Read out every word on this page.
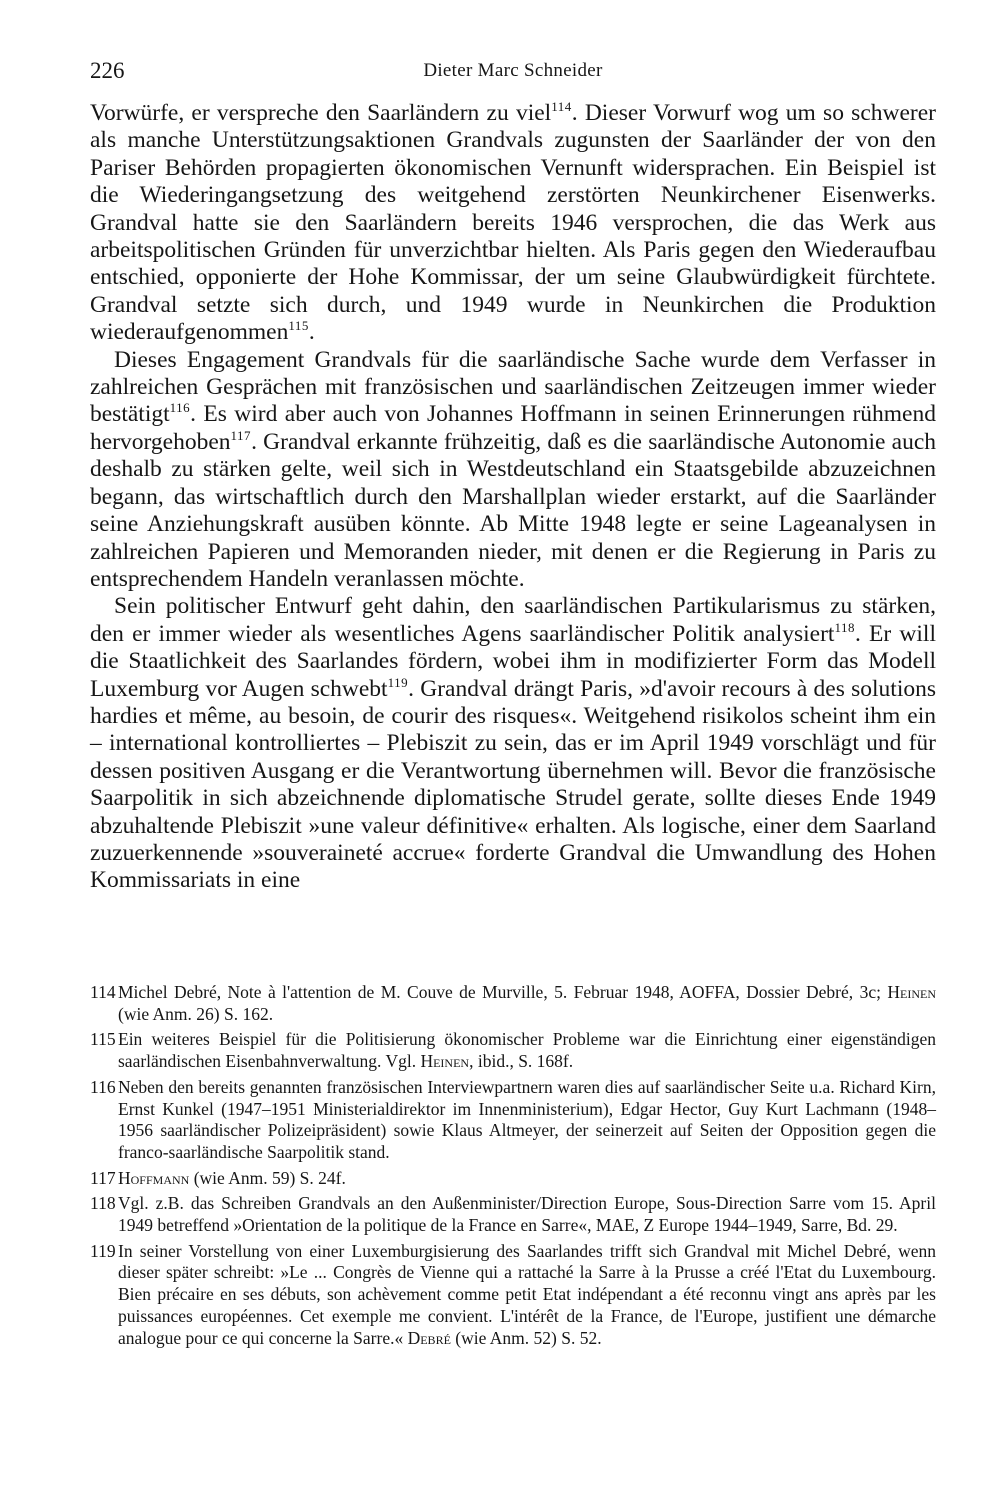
226	Dieter Marc Schneider

Vorwürfe, er verspreche den Saarländern zu viel$^{114}$. Dieser Vorwurf wog um so schwerer als manche Unterstützungsaktionen Grandvals zugunsten der Saarländer der von den Pariser Behörden propagierten ökonomischen Vernunft widersprachen. Ein Beispiel ist die Wiederingangsetzung des weitgehend zerstörten Neunkirchener Eisenwerks. Grandval hatte sie den Saarländern bereits 1946 versprochen, die das Werk aus arbeitspolitischen Gründen für unverzichtbar hielten. Als Paris gegen den Wiederaufbau entschied, opponierte der Hohe Kommissar, der um seine Glaubwürdigkeit fürchtete. Grandval setzte sich durch, und 1949 wurde in Neunkirchen die Produktion wiederaufgenommen$^{115}$.

Dieses Engagement Grandvals für die saarländische Sache wurde dem Verfasser in zahlreichen Gesprächen mit französischen und saarländischen Zeitzeugen immer wieder bestätigt$^{116}$. Es wird aber auch von Johannes Hoffmann in seinen Erinnerungen rühmend hervorgehoben$^{117}$. Grandval erkannte frühzeitig, daß es die saarländische Autonomie auch deshalb zu stärken gelte, weil sich in Westdeutschland ein Staatsgebilde abzuzeichnen begann, das wirtschaftlich durch den Marshallplan wieder erstarkt, auf die Saarländer seine Anziehungskraft ausüben könnte. Ab Mitte 1948 legte er seine Lageanalysen in zahlreichen Papieren und Memoranden nieder, mit denen er die Regierung in Paris zu entsprechendem Handeln veranlassen möchte.

Sein politischer Entwurf geht dahin, den saarländischen Partikularismus zu stärken, den er immer wieder als wesentliches Agens saarländischer Politik analysiert$^{118}$. Er will die Staatlichkeit des Saarlandes fördern, wobei ihm in modifizierter Form das Modell Luxemburg vor Augen schwebt$^{119}$. Grandval drängt Paris, »d'avoir recours à des solutions hardies et même, au besoin, de courir des risques«. Weitgehend risikolos scheint ihm ein – international kontrolliertes – Plebiszit zu sein, das er im April 1949 vorschlägt und für dessen positiven Ausgang er die Verantwortung übernehmen will. Bevor die französische Saarpolitik in sich abzeichnende diplomatische Strudel gerate, sollte dieses Ende 1949 abzuhaltende Plebiszit »une valeur définitive« erhalten. Als logische, einer dem Saarland zuzuerkennende »souveraineté accrue« forderte Grandval die Umwandlung des Hohen Kommissariats in eine

114 Michel Debré, Note à l'attention de M. Couve de Murville, 5. Februar 1948, AOFFA, Dossier Debré, 3c; Heinen (wie Anm. 26) S. 162.
115 Ein weiteres Beispiel für die Politisierung ökonomischer Probleme war die Einrichtung einer eigenständigen saarländischen Eisenbahnverwaltung. Vgl. Heinen, ibid., S. 168f.
116 Neben den bereits genannten französischen Interviewpartnern waren dies auf saarländischer Seite u.a. Richard Kirn, Ernst Kunkel (1947–1951 Ministerialdirektor im Innenministerium), Edgar Hector, Guy Kurt Lachmann (1948–1956 saarländischer Polizeipräsident) sowie Klaus Altmeyer, der seinerzeit auf Seiten der Opposition gegen die franco-saarländische Saarpolitik stand.
117 Hoffmann (wie Anm. 59) S. 24f.
118 Vgl. z.B. das Schreiben Grandvals an den Außenminister/Direction Europe, Sous-Direction Sarre vom 15. April 1949 betreffend »Orientation de la politique de la France en Sarre«, MAE, Z Europe 1944–1949, Sarre, Bd. 29.
119 In seiner Vorstellung von einer Luxemburgisierung des Saarlandes trifft sich Grandval mit Michel Debré, wenn dieser später schreibt: »Le ... Congrès de Vienne qui a rattaché la Sarre à la Prusse a créé l'Etat du Luxembourg. Bien précaire en ses débuts, son achèvement comme petit Etat indépendant a été reconnu vingt ans après par les puissances européennes. Cet exemple me convient. L'intérêt de la France, de l'Europe, justifient une démarche analogue pour ce qui concerne la Sarre.« Debré (wie Anm. 52) S. 52.
